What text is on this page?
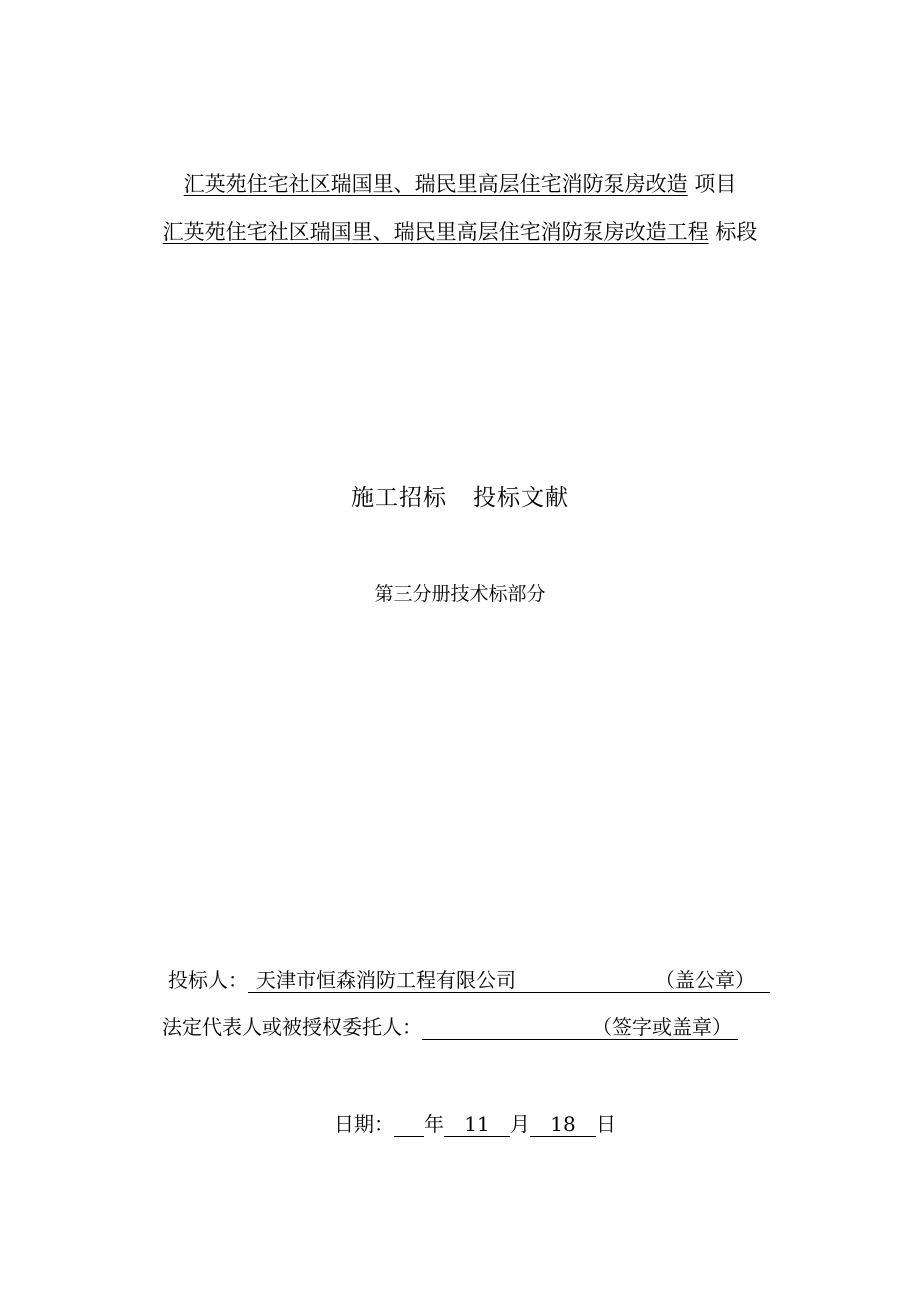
汇英苑住宅社区瑞国里、瑞民里高层住宅消防泵房改造 项目
汇英苑住宅社区瑞国里、瑞民里高层住宅消防泵房改造工程 标段
施工招标 投标文献
第三分册技术标部分
投标人： 天津市恒森消防工程有限公司	（盖公章）
法定代表人或被授权委托人：	（签字或盖章）
日期： 年 11 月 18 日
